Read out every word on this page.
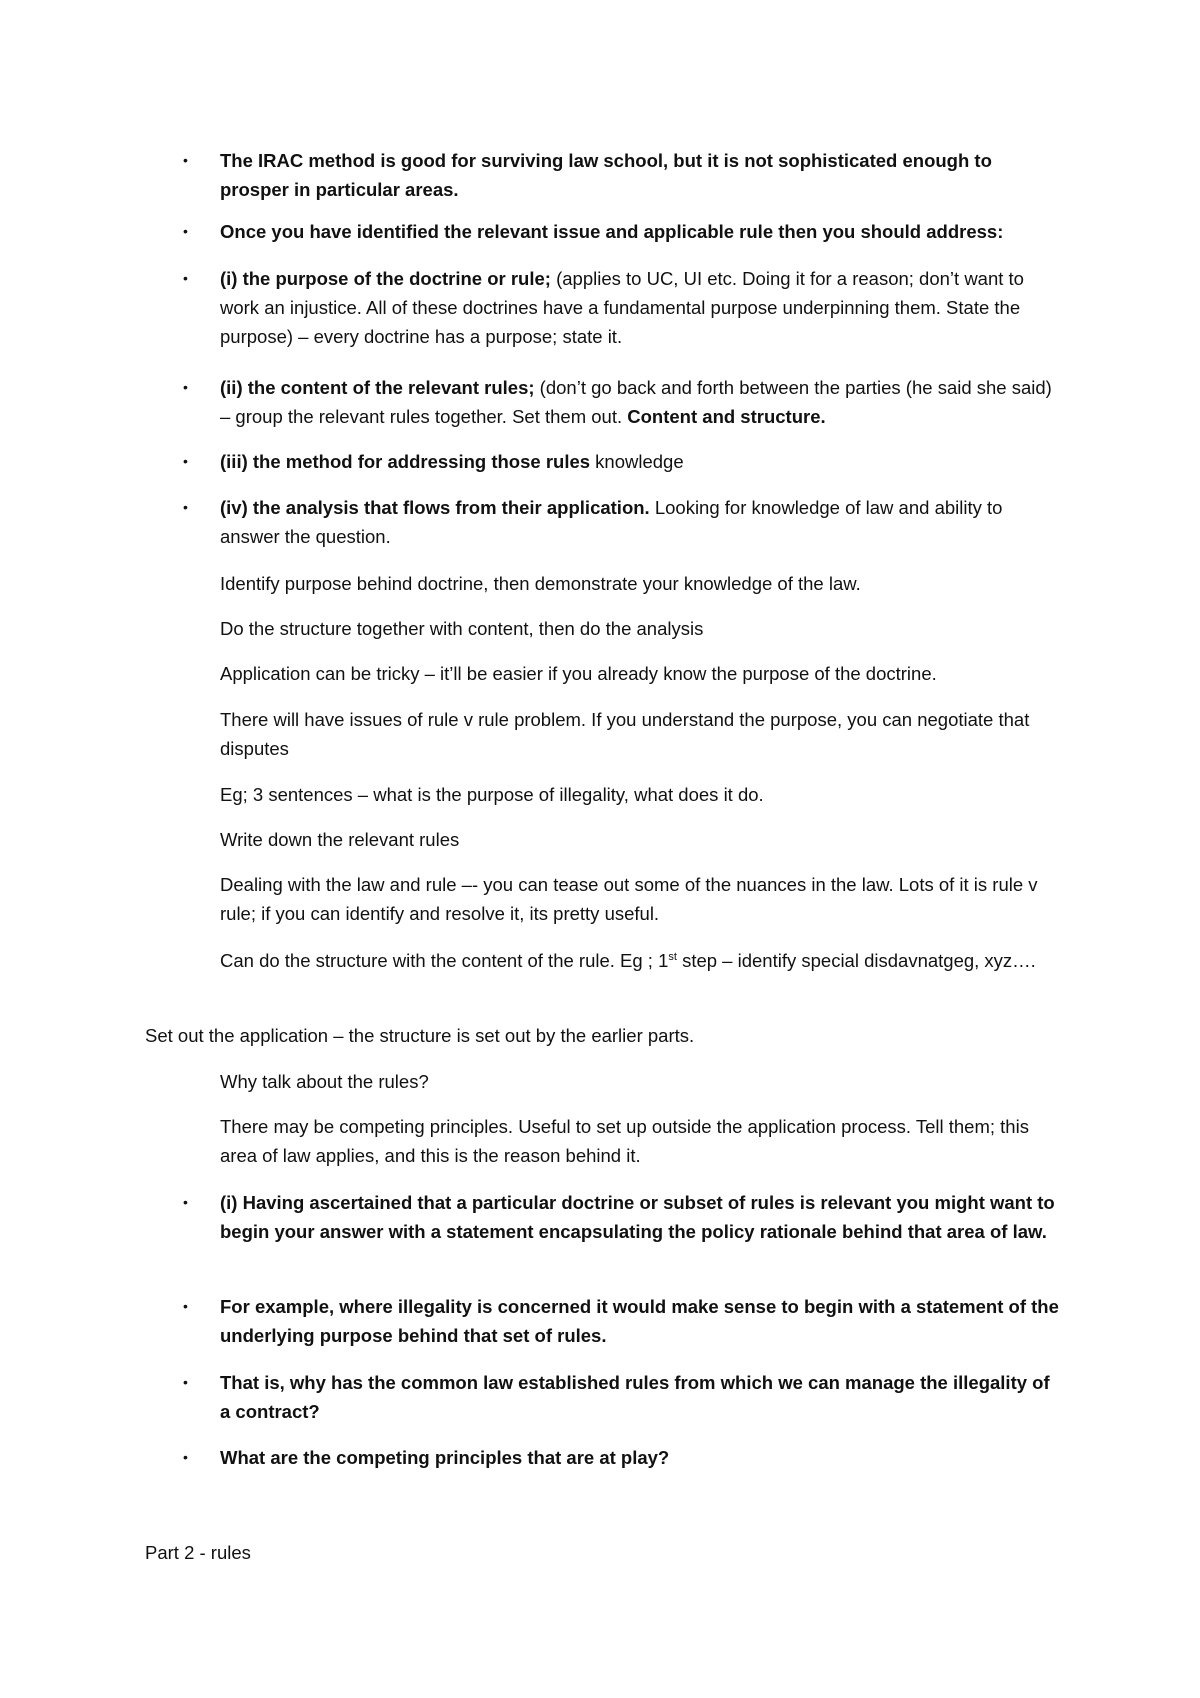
•	The IRAC method is good for surviving law school, but it is not sophisticated enough to prosper in particular areas.
•	Once you have identified the relevant issue and applicable rule then you should address:
•	(i) the purpose of the doctrine or rule; (applies to UC, UI etc. Doing it for a reason; don’t want to work an injustice. All of these doctrines have a fundamental purpose underpinning them. State the purpose) – every doctrine has a purpose; state it.
•	(ii) the content of the relevant rules; (don’t go back and forth between the parties (he said she said) – group the relevant rules together. Set them out. Content and structure.
•	(iii) the method for addressing those rules knowledge
•	(iv) the analysis that flows from their application. Looking for knowledge of law and ability to answer the question.
Identify purpose behind doctrine, then demonstrate your knowledge of the law.
Do the structure together with content, then do the analysis
Application can be tricky – it’ll be easier if you already know the purpose of the doctrine.
There will have issues of rule v rule problem. If you understand the purpose, you can negotiate that disputes
Eg; 3 sentences – what is the purpose of illegality, what does it do.
Write down the relevant rules
Dealing with the law and rule –- you can tease out some of the nuances in the law. Lots of it is rule v rule; if you can identify and resolve it, its pretty useful.
Can do the structure with the content of the rule. Eg ; 1st step – identify special disdavnatgeg, xyz….
Set out the application – the structure is set out by the earlier parts.
Why talk about the rules?
There may be competing principles. Useful to set up outside the application process. Tell them; this area of law applies, and this is the reason behind it.
•	(i) Having ascertained that a particular doctrine or subset of rules is relevant you might want to begin your answer with a statement encapsulating the policy rationale behind that area of law.
•	For example, where illegality is concerned it would make sense to begin with a statement of the underlying purpose behind that set of rules.
•	That is, why has the common law established rules from which we can manage the illegality of a contract?
•	What are the competing principles that are at play?
Part 2 - rules
